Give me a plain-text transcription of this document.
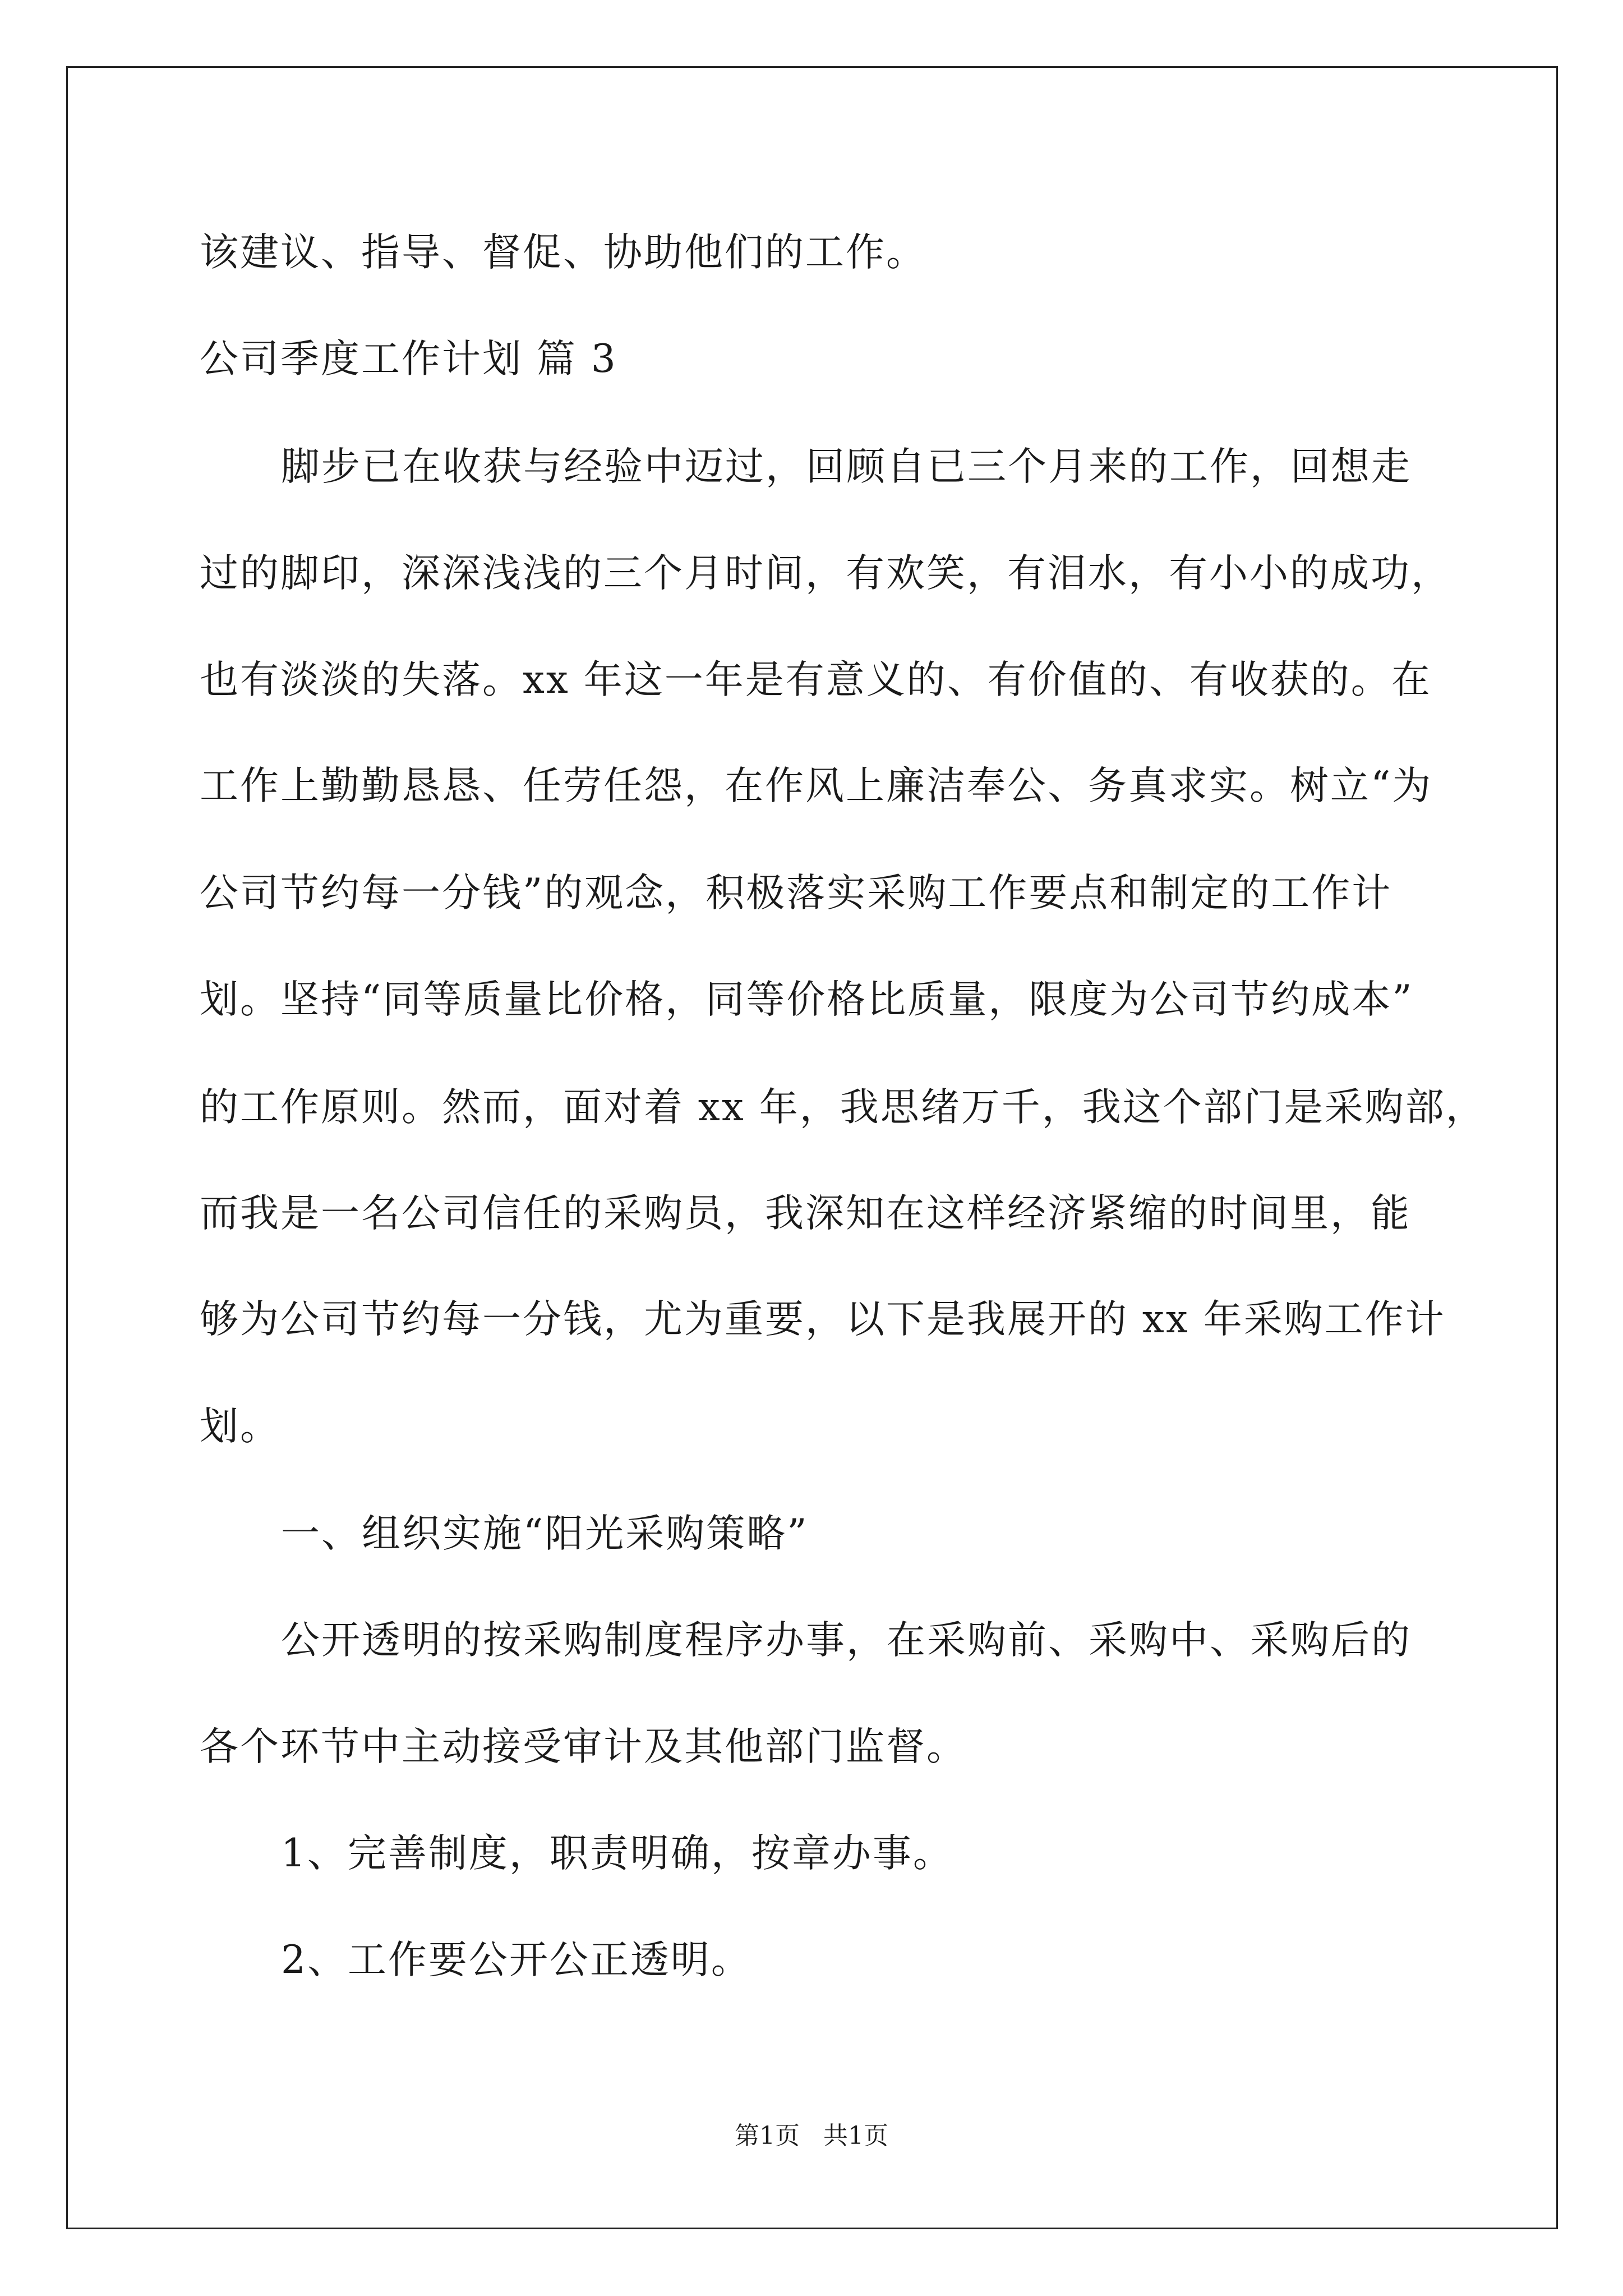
该建议、指导、督促、协助他们的工作。
公司季度工作计划 篇 3
脚步已在收获与经验中迈过，回顾自已三个月来的工作，回想走
过的脚印，深深浅浅的三个月时间，有欢笑，有泪水，有小小的成功，
也有淡淡的失落。xx 年这一年是有意义的、有价值的、有收获的。在
工作上勤勤恳恳、任劳任怨，在作风上廉洁奉公、务真求实。树立“为
公司节约每一分钱”的观念，积极落实采购工作要点和制定的工作计
划。坚持“同等质量比价格，同等价格比质量，限度为公司节约成本”
的工作原则。然而，面对着 xx 年，我思绪万千，我这个部门是采购部，
而我是一名公司信任的采购员，我深知在这样经济紧缩的时间里，能
够为公司节约每一分钱，尤为重要，以下是我展开的 xx 年采购工作计
划。
一、组织实施“阳光采购策略”
公开透明的按采购制度程序办事，在采购前、采购中、采购后的
各个环节中主动接受审计及其他部门监督。
1、完善制度，职责明确，按章办事。
2、工作要公开公正透明。
第1页   共1页
